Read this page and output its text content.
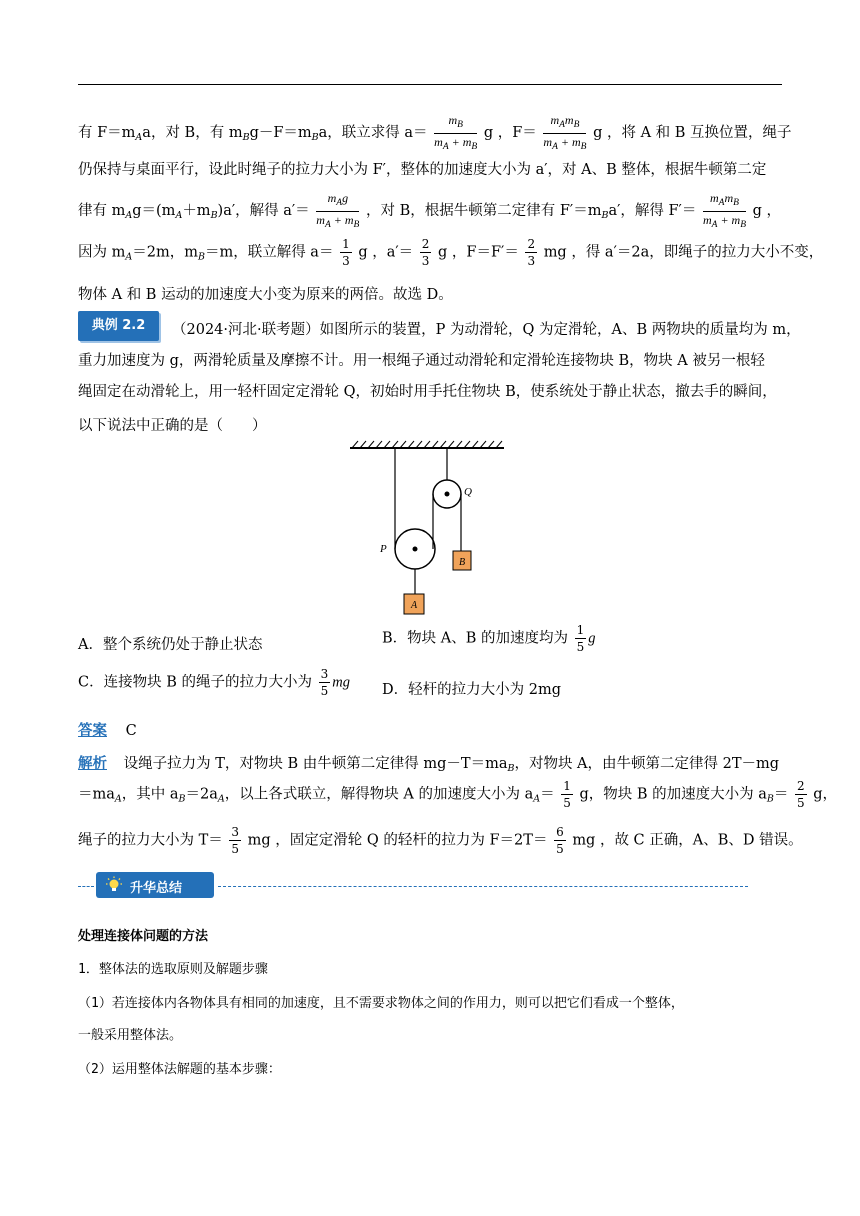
有 $F=m_Aa$，对 B，有 $m_Bg-F=m_Ba$，联立求得 $a= \frac{m_B}{m_A + m_B}$ g ，$F= \frac{m_Am_B}{m_A + m_B}$ g ，将 A 和 B 互换位置，绳子
仍保持与桌面平行，设此时绳子的拉力大小为 F′，整体的加速度大小为 a′，对 A、B 整体，根据牛顿第二定
律有 $m_Ag=(m_A+m_B)a'$，解得 $a'= \frac{m_Ag}{m_A + m_B}$ ，对 B，根据牛顿第二定律有 $F'=m_Ba'$，解得 $F'= \frac{m_Am_B}{m_A + m_B}$ g ，
因为 $m_A=2m$，$m_B=m$，联立解得 $a= \frac{1}{3}$ g ，$a'= \frac{2}{3}$ g ，$F=F'= \frac{2}{3}$ mg ，得 a′＝2a，即绳子的拉力大小不变，
物体 A 和 B 运动的加速度大小变为原来的两倍。故选 D。
典例 2.2	（2024·河北·联考题）如图所示的装置，P 为动滑轮，Q 为定滑轮，A、B 两物块的质量均为 m，
重力加速度为 g，两滑轮质量及摩擦不计。用一根绳子通过动滑轮和定滑轮连接物块 B，物块 A 被另一根轻
绳固定在动滑轮上，用一轻杆固定定滑轮 Q，初始时用手托住物块 B，使系统处于静止状态，撤去手的瞬间，
以下说法中正确的是（　　）
B
A
P
Q
A．整个系统仍处于静止状态	B．物块 A、B 的加速度均为 $\frac{1}{5}$ g
C．连接物块 B 的绳子的拉力大小为 $\frac{3}{5}$ mg D．轻杆的拉力大小为 2mg
答案 C
解析 设绳子拉力为 T，对物块 B 由牛顿第二定律得 $mg-T=ma_B$，对物块 A，由牛顿第二定律得 2T－mg
$=ma_A$，其中 $a_B=2a_A$，以上各式联立，解得物块 A 的加速度大小为 $a_A= \frac{1}{5}$ g，物块 B 的加速度大小为 $a_B= \frac{2}{5}$ g，
绳子的拉力大小为 $T= \frac{3}{5}$ mg ，固定定滑轮 Q 的轻杆的拉力为 $F=2T= \frac{6}{5}$ mg ，故 C 正确，A、B、D 错误。
升华总结
处理连接体问题的方法
1．整体法的选取原则及解题步骤
（1）若连接体内各物体具有相同的加速度，且不需要求物体之间的作用力，则可以把它们看成一个整体，
一般采用整体法。
（2）运用整体法解题的基本步骤：
